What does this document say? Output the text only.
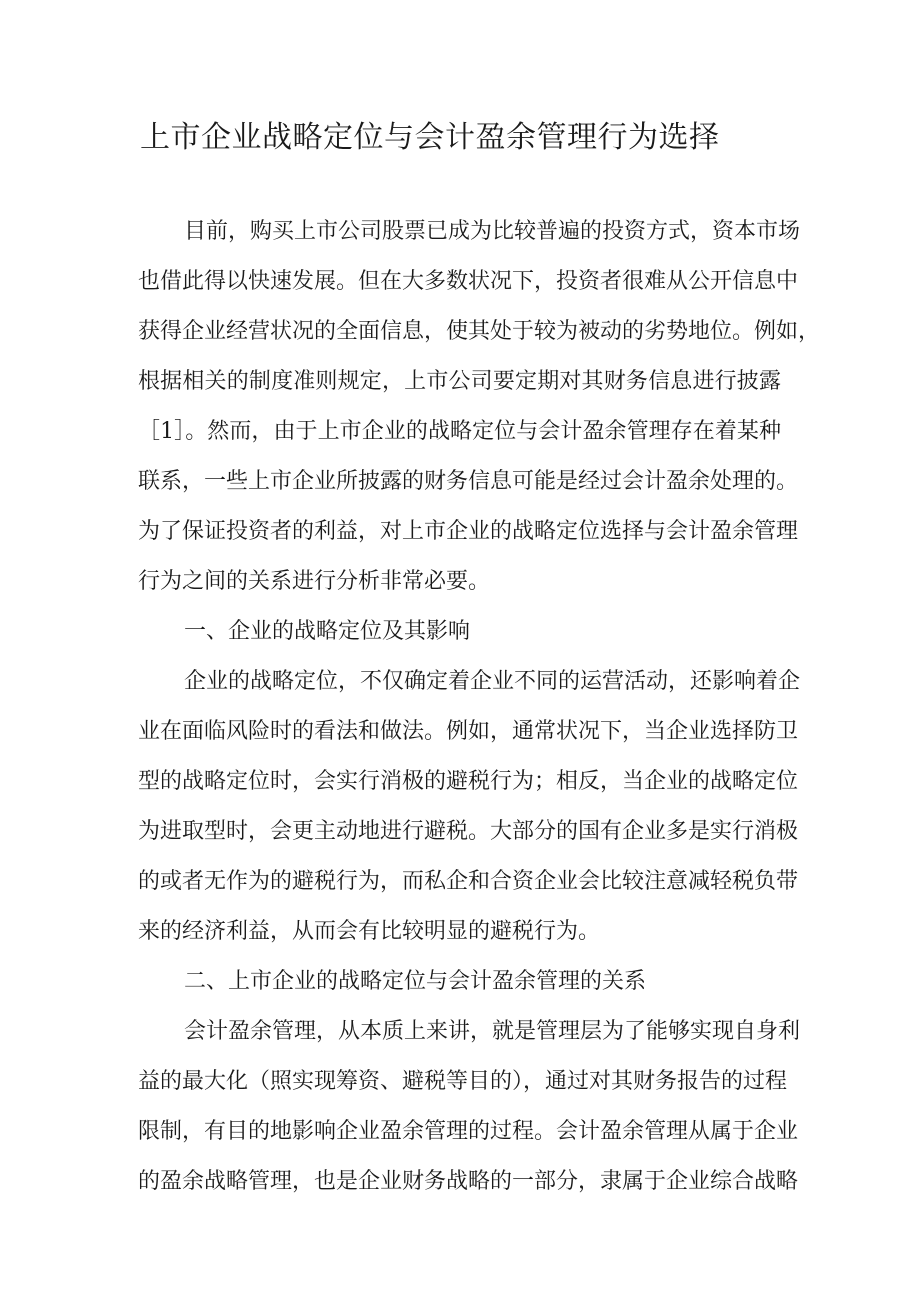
上市企业战略定位与会计盈余管理行为选择
目前，购买上市公司股票已成为比较普遍的投资方式，资本市场
也借此得以快速发展。但在大多数状况下，投资者很难从公开信息中
获得企业经营状况的全面信息，使其处于较为被动的劣势地位。例如，
根据相关的制度准则规定，上市公司要定期对其财务信息进行披露
［1］。然而，由于上市企业的战略定位与会计盈余管理存在着某种
联系，一些上市企业所披露的财务信息可能是经过会计盈余处理的。
为了保证投资者的利益，对上市企业的战略定位选择与会计盈余管理
行为之间的关系进行分析非常必要。
一、企业的战略定位及其影响
企业的战略定位，不仅确定着企业不同的运营活动，还影响着企
业在面临风险时的看法和做法。例如，通常状况下，当企业选择防卫
型的战略定位时，会实行消极的避税行为；相反，当企业的战略定位
为进取型时，会更主动地进行避税。大部分的国有企业多是实行消极
的或者无作为的避税行为，而私企和合资企业会比较注意减轻税负带
来的经济利益，从而会有比较明显的避税行为。
二、上市企业的战略定位与会计盈余管理的关系
会计盈余管理，从本质上来讲，就是管理层为了能够实现自身利
益的最大化（照实现筹资、避税等目的），通过对其财务报告的过程
限制，有目的地影响企业盈余管理的过程。会计盈余管理从属于企业
的盈余战略管理，也是企业财务战略的一部分，隶属于企业综合战略
